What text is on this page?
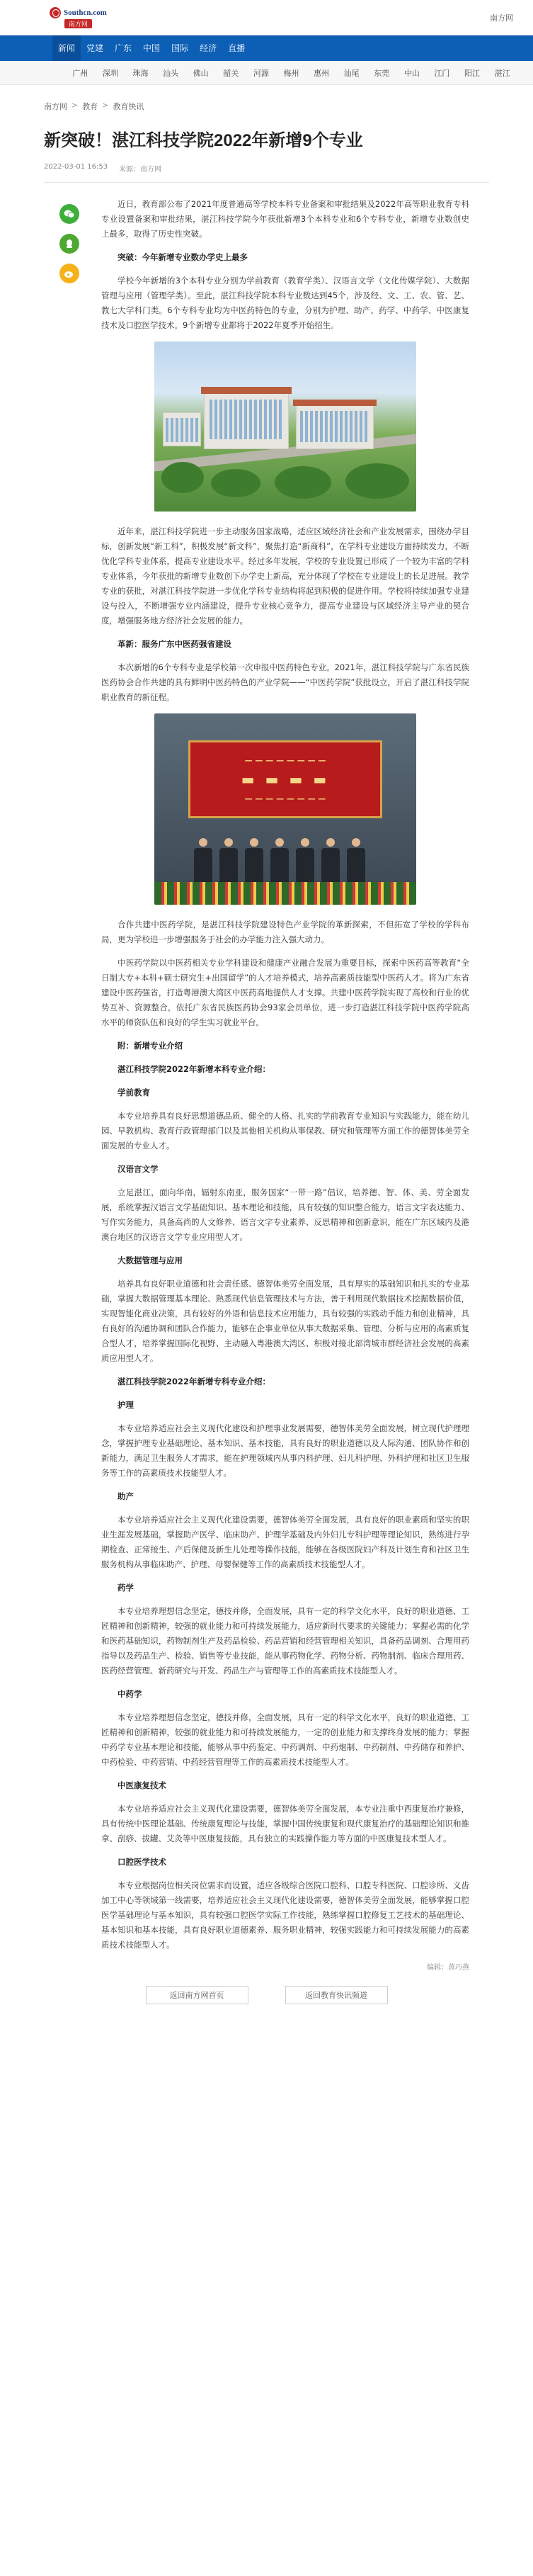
Southcn.com
南方网
南方网
新闻	党建	广东	中国	国际	经济	直播
广州	深圳	珠海	汕头	佛山	韶关	河源	梅州	惠州	汕尾	东莞	中山	江门	阳江	湛江
南方网 > 教育 > 教育快讯
新突破！湛江科技学院2022年新增9个专业
2022-03-01 16:53 来源：南方网

近日，教育部公布了2021年度普通高等学校本科专业备案和审批结果及2022年高等职业教育专科专业设置备案和审批结果，湛江科技学院今年获批新增3个本科专业和6个专科专业，新增专业数创史上最多，取得了历史性突破。

突破：今年新增专业数办学史上最多

学校今年新增的3个本科专业分别为学前教育（教育学类）、汉语言文学（文化传媒学院）、大数据管理与应用（管理学类）。至此，湛江科技学院本科专业数达到45个，涉及经、文、工、农、管、艺、教七大学科门类。6个专科专业均为中医药特色的专业，分别为护理、助产、药学、中药学、中医康复技术及口腔医学技术。9个新增专业都将于2022年夏季开始招生。

近年来，湛江科技学院进一步主动服务国家战略，适应区域经济社会和产业发展需求，围绕办学目标，创新发展“新工科”，积极发展“新文科”，聚焦打造“新商科”，在学科专业建设方面持续发力，不断优化学科专业体系，提高专业建设水平。经过多年发展，学校的专业设置已形成了一个较为丰富的学科专业体系，今年获批的新增专业数创下办学史上新高，充分体现了学校在专业建设上的长足进展。教学专业的获批，对湛江科技学院进一步优化学科专业结构将起到积极的促进作用。学校将持续加强专业建设与投入，不断增强专业内涵建设，提升专业核心竞争力，提高专业建设与区域经济主导产业的契合度，增强服务地方经济社会发展的能力。

革新：服务广东中医药强省建设

本次新增的6个专科专业是学校第一次申报中医药特色专业。2021年，湛江科技学院与广东省民族医药协会合作共建的具有鲜明中医药特色的产业学院——“中医药学院”获批设立，开启了湛江科技学院职业教育的新征程。

— — — — — — — —
▬ ▬ ▬ ▬
— — — — — — — —

合作共建中医药学院，是湛江科技学院建设特色产业学院的革新探索，不但拓宽了学校的学科布局，更为学校进一步增强服务于社会的办学能力注入强大动力。

中医药学院以中医药相关专业学科建设和健康产业融合发展为重要目标，探索中医药高等教育“全日制大专+本科+硕士研究生+出国留学”的人才培养模式，培养高素质技能型中医药人才。将为广东省建设中医药强省，打造粤港澳大湾区中医药高地提供人才支撑。共建中医药学院实现了高校和行业的优势互补、资源整合，依托广东省民族医药协会93家会员单位，进一步打造湛江科技学院中医药学院高水平的师资队伍和良好的学生实习就业平台。

附：新增专业介绍

湛江科技学院2022年新增本科专业介绍：

学前教育

本专业培养具有良好思想道德品质、健全的人格、扎实的学前教育专业知识与实践能力，能在幼儿园、早教机构、教育行政管理部门以及其他相关机构从事保教、研究和管理等方面工作的德智体美劳全面发展的专业人才。

汉语言文学

立足湛江，面向华南，辐射东南亚，服务国家“一带一路”倡议，培养德、智、体、美、劳全面发展，系统掌握汉语言文学基础知识、基本理论和技能，具有较强的知识整合能力，语言文字表达能力、写作实务能力，具备高尚的人文修养、语言文字专业素养、反思精神和创新意识，能在广东区域内及港澳台地区的汉语言文学专业应用型人才。

大数据管理与应用

培养具有良好职业道德和社会责任感、德智体美劳全面发展，具有厚实的基础知识和扎实的专业基础，掌握大数据管理基本理论、熟悉现代信息管理技术与方法，善于利用现代数据技术挖掘数据价值，实现智能化商业决策，具有较好的外语和信息技术应用能力，具有较强的实践动手能力和创业精神，具有良好的沟通协调和团队合作能力，能够在企事业单位从事大数据采集、管理、分析与应用的高素质复合型人才，培养掌握国际化视野、主动融入粤港澳大湾区、积极对接北部湾城市群经济社会发展的高素质应用型人才。

湛江科技学院2022年新增专科专业介绍：

护理

本专业培养适应社会主义现代化建设和护理事业发展需要，德智体美劳全面发展，树立现代护理理念，掌握护理专业基础理论、基本知识、基本技能，具有良好的职业道德以及人际沟通、团队协作和创新能力，满足卫生服务人才需求，能在护理领域内从事内科护理、妇儿科护理、外科护理和社区卫生服务等工作的高素质技术技能型人才。

助产

本专业培养适应社会主义现代化建设需要，德智体美劳全面发展，具有良好的职业素质和坚实的职业生涯发展基础，掌握助产医学、临床助产、护理学基础及内外妇儿专科护理等理论知识，熟练进行孕期检查、正常接生、产后保健及新生儿处理等操作技能，能够在各级医院妇产科及计划生育和社区卫生服务机构从事临床助产、护理、母婴保健等工作的高素质技术技能型人才。

药学

本专业培养理想信念坚定，德技并修，全面发展，具有一定的科学文化水平，良好的职业道德、工匠精神和创新精神，较强的就业能力和可持续发展能力，适应新时代要求的关键能力；掌握必需的化学和医药基础知识，药物制剂生产及药品检验、药品营销和经营管理相关知识，具备药品调剂、合理用药指导以及药品生产、检验、销售等专业技能，能从事药物化学、药物分析、药物制剂、临床合理用药、医药经营管理、新药研究与开发、药品生产与管理等工作的高素质技术技能型人才。

中药学

本专业培养理想信念坚定，德技并修，全面发展，具有一定的科学文化水平，良好的职业道德、工匠精神和创新精神，较强的就业能力和可持续发展能力，一定的创业能力和支撑终身发展的能力；掌握中药学专业基本理论和技能，能够从事中药鉴定、中药调剂、中药炮制、中药制剂、中药储存和养护、中药检验、中药营销、中药经营管理等工作的高素质技术技能型人才。

中医康复技术

本专业培养适应社会主义现代化建设需要，德智体美劳全面发展，本专业注重中西康复治疗兼修，具有传统中医理论基础、传统康复理论与技能，掌握中国传统康复和现代康复治疗的基础理论知识和推拿、刮痧、拔罐、艾灸等中医康复技能，具有独立的实践操作能力等方面的中医康复技术型人才。

口腔医学技术

本专业根据岗位相关岗位需求而设置，适应各级综合医院口腔科、口腔专科医院、口腔诊所、义齿加工中心等领域第一线需要，培养适应社会主义现代化建设需要，德智体美劳全面发展，能够掌握口腔医学基础理论与基本知识，具有较强口腔医学实际工作技能，熟练掌握口腔修复工艺技术的基础理论、基本知识和基本技能，具有良好职业道德素养、服务职业精神，较强实践能力和可持续发展能力的高素质技术技能型人才。

编辑：黄巧燕
返回南方网首页	返回教育快讯频道
